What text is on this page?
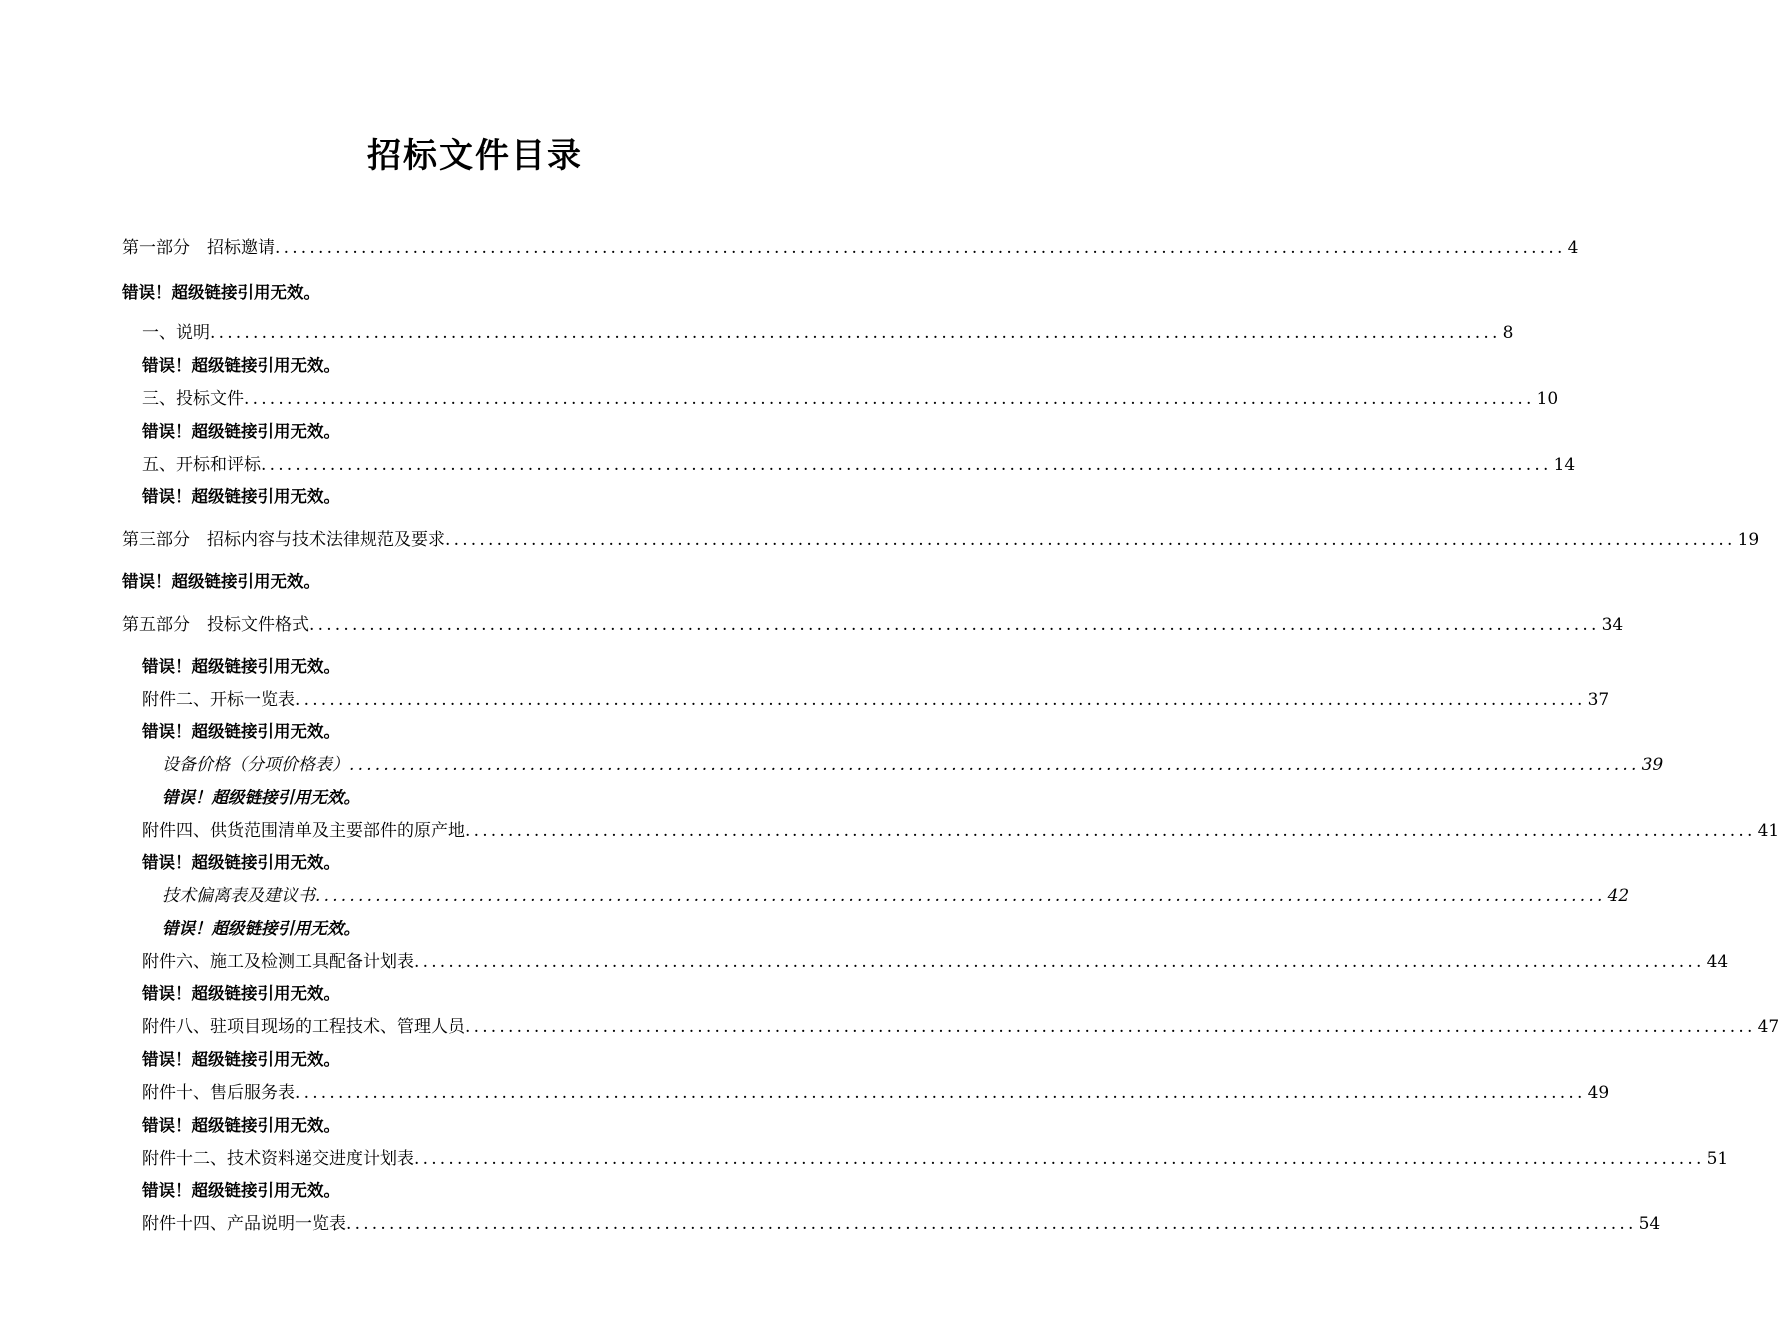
招标文件目录
第一部分　招标邀请 ...................................................................................................................................................... 4
错误！超级链接引用无效。
一、说明 ...................................................................................................................................................... 8
错误！超级链接引用无效。
三、投标文件 ...................................................................................................................................................... 10
错误！超级链接引用无效。
五、开标和评标 ...................................................................................................................................................... 14
错误！超级链接引用无效。
第三部分　招标内容与技术法律规范及要求 ...................................................................................................................................................... 19
错误！超级链接引用无效。
第五部分　投标文件格式 ...................................................................................................................................................... 34
错误！超级链接引用无效。
附件二、开标一览表 ...................................................................................................................................................... 37
错误！超级链接引用无效。
设备价格（分项价格表） ...................................................................................................................................................... 39
错误！超级链接引用无效。
附件四、供货范围清单及主要部件的原产地 ...................................................................................................................................................... 41
错误！超级链接引用无效。
技术偏离表及建议书 ...................................................................................................................................................... 42
错误！超级链接引用无效。
附件六、施工及检测工具配备计划表 ...................................................................................................................................................... 44
错误！超级链接引用无效。
附件八、驻项目现场的工程技术、管理人员 ...................................................................................................................................................... 47
错误！超级链接引用无效。
附件十、售后服务表 ...................................................................................................................................................... 49
错误！超级链接引用无效。
附件十二、技术资料递交进度计划表 ...................................................................................................................................................... 51
错误！超级链接引用无效。
附件十四、产品说明一览表 ...................................................................................................................................................... 54
